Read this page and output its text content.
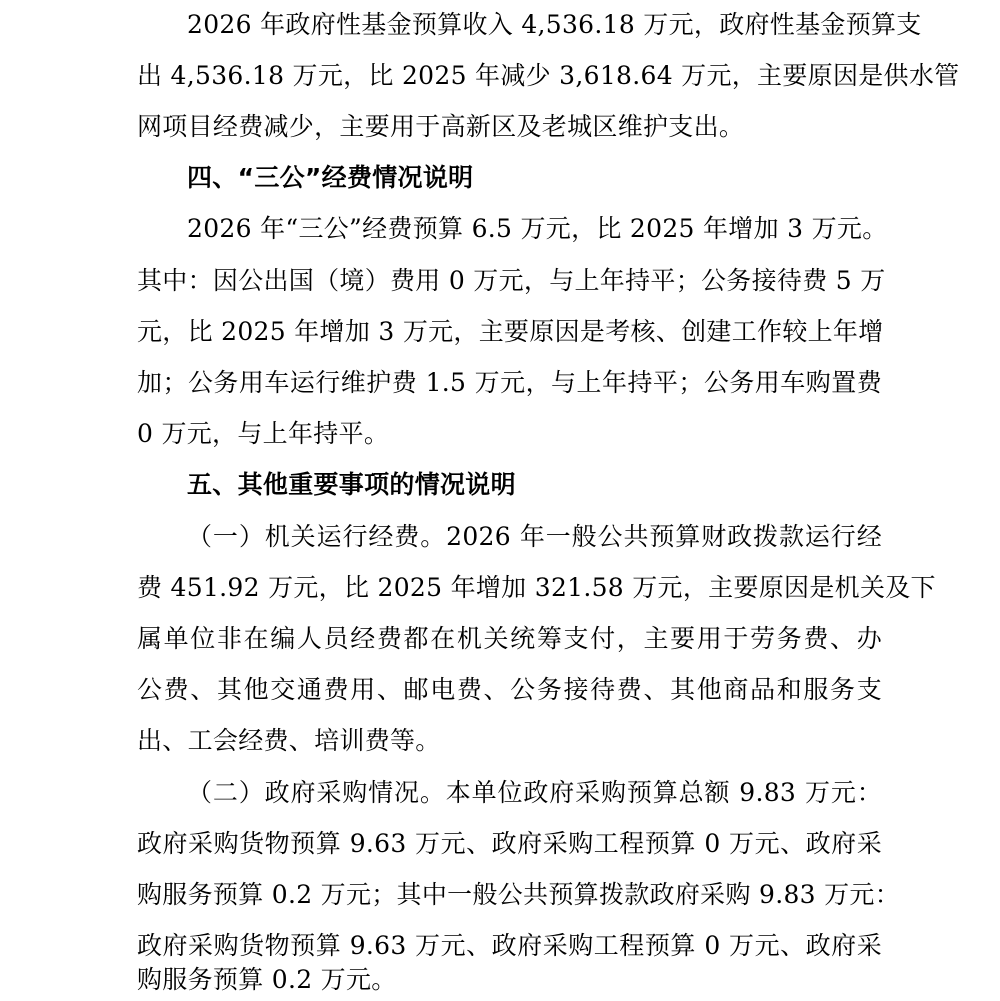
2026 年政府性基金预算收入 4,536.18 万元，政府性基金预算支
出 4,536.18 万元，比 2025 年减少 3,618.64 万元，主要原因是供水管
网项目经费减少，主要用于高新区及老城区维护支出。
四、“三公”经费情况说明
2026 年“三公”经费预算 6.5 万元，比 2025 年增加 3 万元。
其中：因公出国（境）费用 0 万元，与上年持平；公务接待费 5 万
元，比 2025 年增加 3 万元，主要原因是考核、创建工作较上年增
加；公务用车运行维护费 1.5 万元，与上年持平；公务用车购置费
0 万元，与上年持平。
五、其他重要事项的情况说明
（一）机关运行经费。2026 年一般公共预算财政拨款运行经
费 451.92 万元，比 2025 年增加 321.58 万元，主要原因是机关及下
属单位非在编人员经费都在机关统筹支付，主要用于劳务费、办
公费、其他交通费用、邮电费、公务接待费、其他商品和服务支
出、工会经费、培训费等。
（二）政府采购情况。本单位政府采购预算总额 9.83 万元：
政府采购货物预算 9.63 万元、政府采购工程预算 0 万元、政府采
购服务预算 0.2 万元；其中一般公共预算拨款政府采购 9.83 万元：
政府采购货物预算 9.63 万元、政府采购工程预算 0 万元、政府采
购服务预算 0.2 万元。
